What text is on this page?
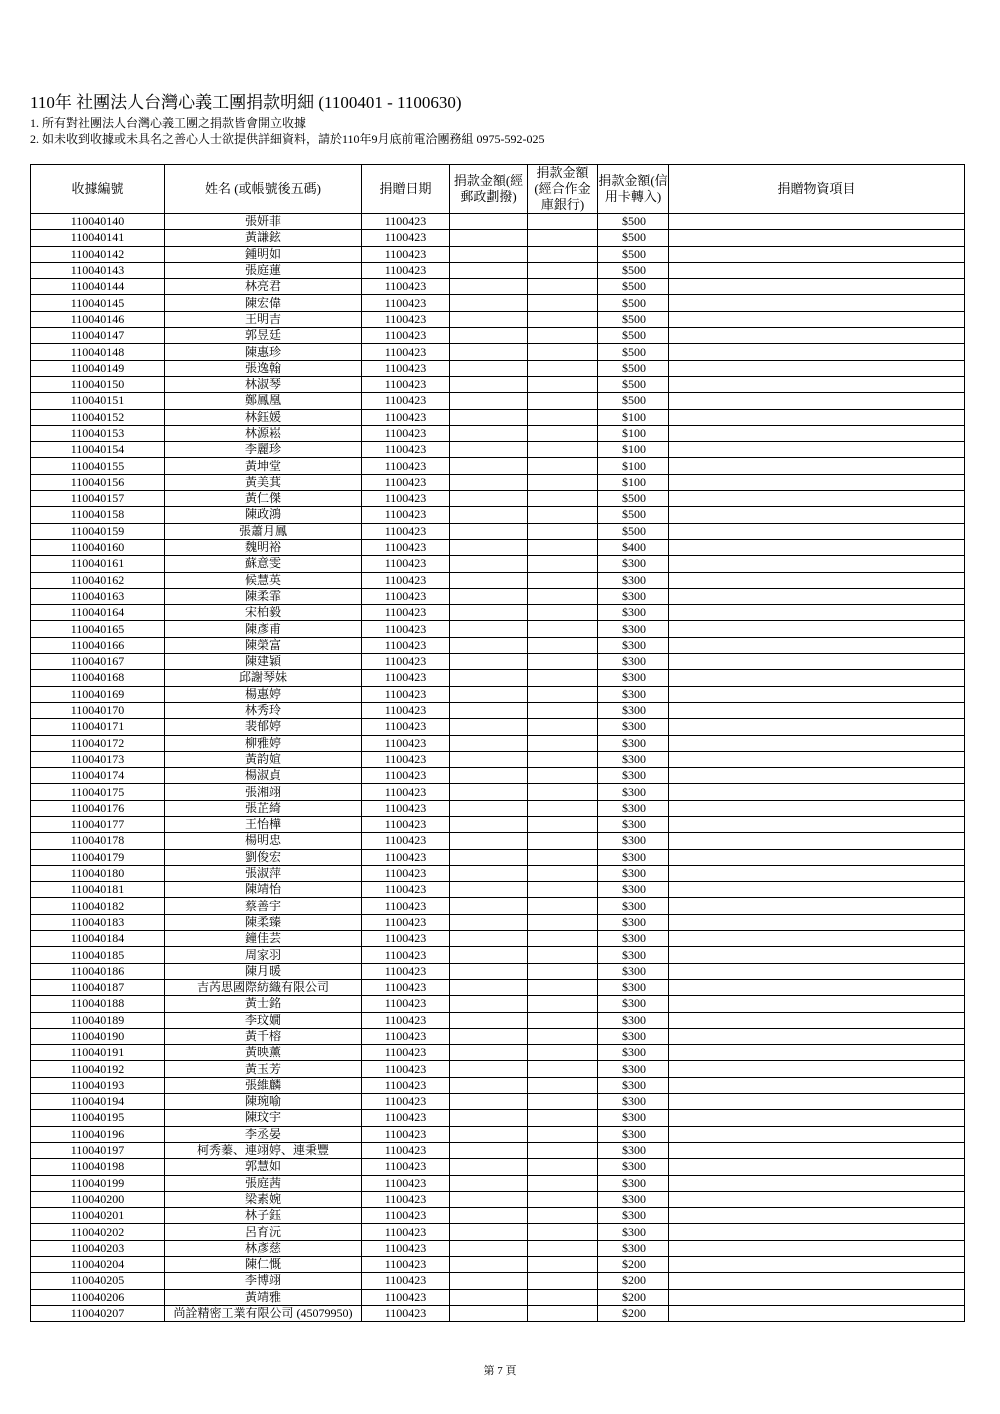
110年 社團法人台灣心義工團捐款明細 (1100401 - 1100630)
1. 所有對社團法人台灣心義工團之捐款皆會開立收據
2. 如未收到收據或未具名之善心人士欲提供詳細資料，請於110年9月底前電洽團務組 0975-592-025
收據編號	姓名 (或帳號後五碼)	捐贈日期	捐款金額(經郵政劃撥)	捐款金額(經合作金庫銀行)	捐款金額(信用卡轉入)	捐贈物資項目
110040140	張妍菲	1100423			$500	
110040141	黃謙鉉	1100423			$500	
110040142	鍾明如	1100423			$500	
110040143	張庭蓮	1100423			$500	
110040144	林亮君	1100423			$500	
110040145	陳宏偉	1100423			$500	
110040146	王明吉	1100423			$500	
110040147	郭昱廷	1100423			$500	
110040148	陳惠珍	1100423			$500	
110040149	張逸翰	1100423			$500	
110040150	林淑琴	1100423			$500	
110040151	鄭鳳凰	1100423			$500	
110040152	林鈺媛	1100423			$100	
110040153	林源崧	1100423			$100	
110040154	李麗珍	1100423			$100	
110040155	黃坤堂	1100423			$100	
110040156	黃美萁	1100423			$100	
110040157	黃仁傑	1100423			$500	
110040158	陳政鴻	1100423			$500	
110040159	張蕭月鳳	1100423			$500	
110040160	魏明裕	1100423			$400	
110040161	蘇意雯	1100423			$300	
110040162	候慧英	1100423			$300	
110040163	陳柔霏	1100423			$300	
110040164	宋柏毅	1100423			$300	
110040165	陳彥甫	1100423			$300	
110040166	陳榮富	1100423			$300	
110040167	陳建穎	1100423			$300	
110040168	邱謝琴妹	1100423			$300	
110040169	楊惠婷	1100423			$300	
110040170	林秀玲	1100423			$300	
110040171	裴郁婷	1100423			$300	
110040172	柳雅婷	1100423			$300	
110040173	黃韵媗	1100423			$300	
110040174	楊淑貞	1100423			$300	
110040175	張湘翊	1100423			$300	
110040176	張芷綺	1100423			$300	
110040177	王怡樺	1100423			$300	
110040178	楊明忠	1100423			$300	
110040179	劉俊宏	1100423			$300	
110040180	張淑萍	1100423			$300	
110040181	陳靖怡	1100423			$300	
110040182	蔡善宇	1100423			$300	
110040183	陳柔臻	1100423			$300	
110040184	鐘佳芸	1100423			$300	
110040185	周家羽	1100423			$300	
110040186	陳月暖	1100423			$300	
110040187	吉芮思國際紡織有限公司	1100423			$300	
110040188	黃士銘	1100423			$300	
110040189	李玟嫺	1100423			$300	
110040190	黃千榕	1100423			$300	
110040191	黃映薰	1100423			$300	
110040192	黃玉芳	1100423			$300	
110040193	張維麟	1100423			$300	
110040194	陳琬喻	1100423			$300	
110040195	陳玟宇	1100423			$300	
110040196	李丞晏	1100423			$300	
110040197	柯秀蓁、連翊婷、連秉豐	1100423			$300	
110040198	郭慧如	1100423			$300	
110040199	張庭茜	1100423			$300	
110040200	梁素婉	1100423			$300	
110040201	林子鈺	1100423			$300	
110040202	呂育沅	1100423			$300	
110040203	林彥慈	1100423			$300	
110040204	陳仁慨	1100423			$200	
110040205	李博翊	1100423			$200	
110040206	黃靖雅	1100423			$200	
110040207	尚詮精密工業有限公司 (45079950)	1100423			$200	
第 7 頁
